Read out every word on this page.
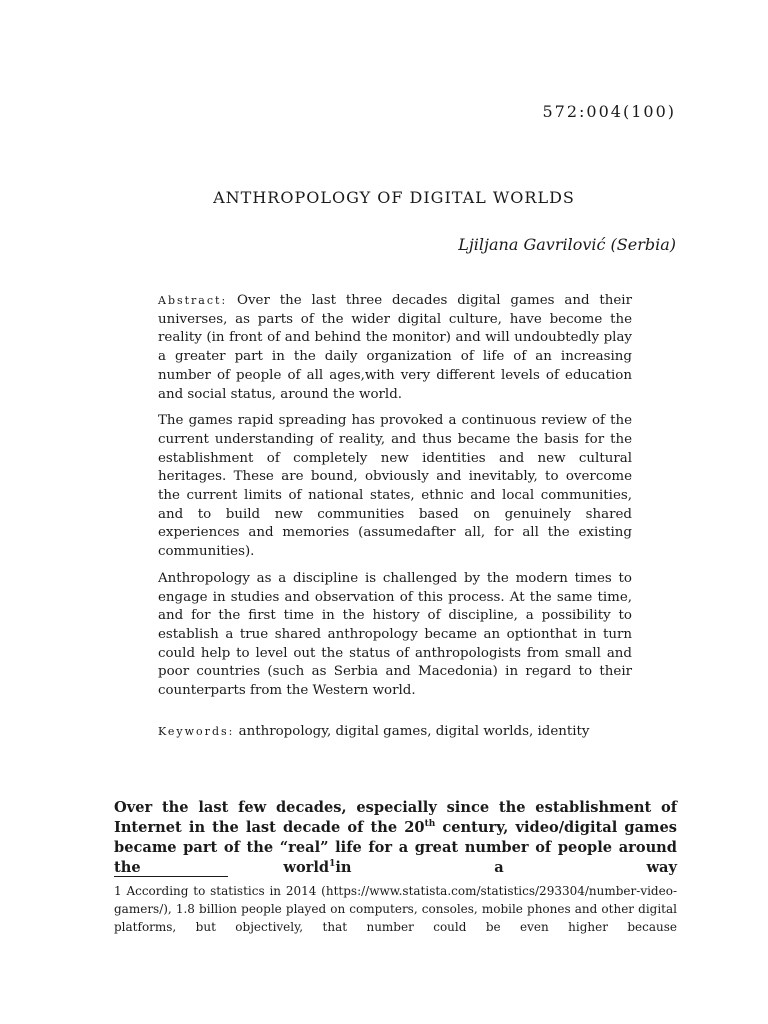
572:004(100)
ANTHROPOLOGY OF DIGITAL WORLDS
Ljiljana Gavrilović (Serbia)

Abstract: Over the last three decades digital games and their universes, as parts of the wider digital culture, have become the reality (in front of and behind the monitor) and will undoubtedly play a greater part in the daily organization of life of an increasing number of people of all ages,with very different levels of education and social status, around the world.

The games rapid spreading has provoked a continuous review of the current understanding of reality, and thus became the basis for the establishment of completely new identities and new cultural heritages. These are bound, obviously and inevitably, to overcome the current limits of national states, ethnic and local communities, and to build new communities based on genuinely shared experiences and memories (assumedafter all, for all the existing communities).

Anthropology as a discipline is challenged by the modern times to engage in studies and observation of this process. At the same time, and for the first time in the history of discipline, a possibility to establish a true shared anthropology became an optionthat in turn could help to level out the status of anthropologists from small and poor countries (such as Serbia and Macedonia) in regard to their counterparts from the Western world.

Keywords: anthropology, digital games, digital worlds, identity
Over the last few decades, especially since the establishment of Internet in the last decade of the 20th century, video/digital games became part of the “real” life for a great number of people around the world$^1$in a way
1 According to statistics in 2014 (https://www.statista.com/statistics/293304/number-video-gamers/), 1.8 billion people played on computers, consoles, mobile phones and other digital platforms, but objectively, that number could be even higher because
